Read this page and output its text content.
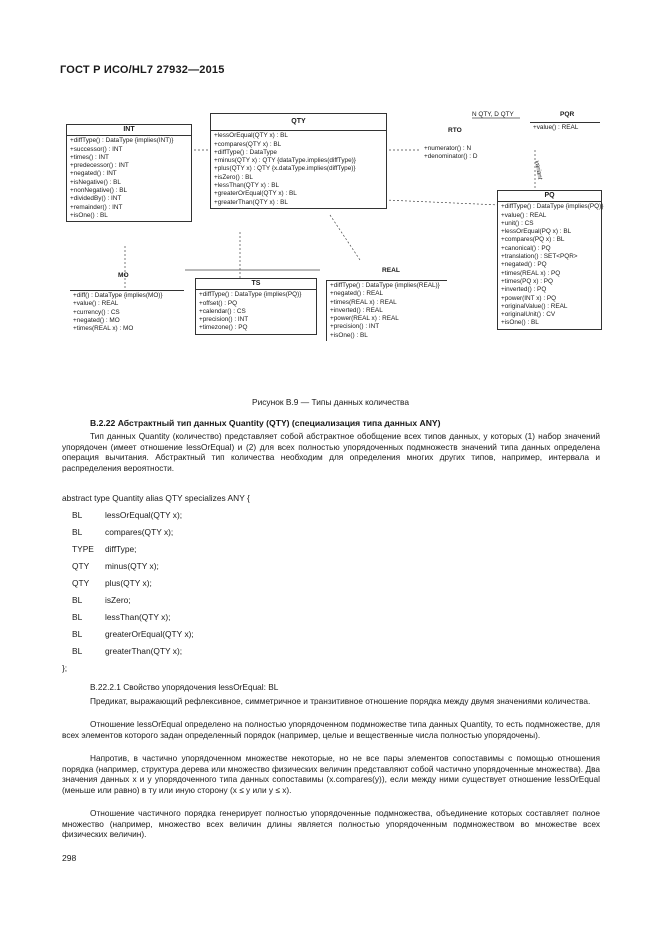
ГОСТ Р ИСО/HL7 27932—2015
INT
+diffType() : DataType {implies(INT)}
+successor() : INT
+times() : INT
+predecessor() : INT
+negated() : INT
+isNegative() : BL
+nonNegative() : BL
+dividedBy() : INT
+remainder() : INT
+isOne() : BL
QTY
+lessOrEqual(QTY x) : BL
+compares(QTY x) : BL
+diffType() : DataType
+minus(QTY x) : QTY {dataType.implies(diffType)}
+plus(QTY x) : QTY {x.dataType.implies(diffType)}
+isZero() : BL
+lessThan(QTY x) : BL
+greaterOrEqual(QTY x) : BL
+greaterThan(QTY x) : BL
N QTY, D QTY
RTO
+numerator() : N
+denominator() : D
PQR
+value() : REAL
variant
PQ
+diffType() : DataType {implies(PQ)}
+value() : REAL
+unit() : CS
+lessOrEqual(PQ x) : BL
+compares(PQ x) : BL
+canonical() : PQ
+translation() : SET<PQR>
+negated() : PQ
+times(REAL x) : PQ
+times(PQ x) : PQ
+inverted() : PQ
+power(INT x) : PQ
+originalValue() : REAL
+originalUnit() : CV
+isOne() : BL
MO
+diff() : DataType {implies(MO)}
+value() : REAL
+currency() : CS
+negated() : MO
+times(REAL x) : MO
TS
+diffType() : DataType {implies(PQ)}
+offset() : PQ
+calendar() : CS
+precision() : INT
+timezone() : PQ
REAL
+diffType() : DataType {implies(REAL)}
+negated() : REAL
+times(REAL x) : REAL
+inverted() : REAL
+power(REAL x) : REAL
+precision() : INT
+isOne() : BL
Рисунок В.9 — Типы данных количества
В.2.22 Абстрактный тип данных Quantity (QTY) (специализация типа данных ANY)
Тип данных Quantity (количество) представляет собой абстрактное обобщение всех типов данных, у которых (1) набор значений упорядочен (имеет отношение lessOrEqual) и (2) для всех полностью упорядоченных подмножеств значений типа данных определена операция вычитания. Абстрактный тип количества необходим для определения многих других типов, например, интервала и распределения вероятности.
abstract type Quantity alias QTY specializes ANY {
BL	lessOrEqual(QTY x);
BL	compares(QTY x);
TYPE diffType;
QTY minus(QTY x);
QTY plus(QTY x);
BL	isZero;
BL	lessThan(QTY x);
BL	greaterOrEqual(QTY x);
BL	greaterThan(QTY x);
};
В.22.2.1 Свойство упорядочения lessOrEqual: BL
Предикат, выражающий рефлексивное, симметричное и транзитивное отношение порядка между двумя значениями количества.
Отношение lessOrEqual определено на полностью упорядоченном подмножестве типа данных Quantity, то есть подмножестве, для всех элементов которого задан определенный порядок (например, целые и вещественные числа полностью упорядочены).
Напротив, в частично упорядоченном множестве некоторые, но не все пары элементов сопоставимы с помощью отношения порядка (например, структура дерева или множество физических величин представляют собой частично упорядоченные множества). Два значения данных x и y упорядоченного типа данных сопоставимы (x.compares(y)), если между ними существует отношение lessOrEqual (меньше или равно) в ту или иную сторону (x ≤ y или y ≤ x).
Отношение частичного порядка генерирует полностью упорядоченные подмножества, объединение которых составляет полное множество (например, множество всех величин длины является полностью упорядоченным подмножеством во множестве всех физических величин).
298
